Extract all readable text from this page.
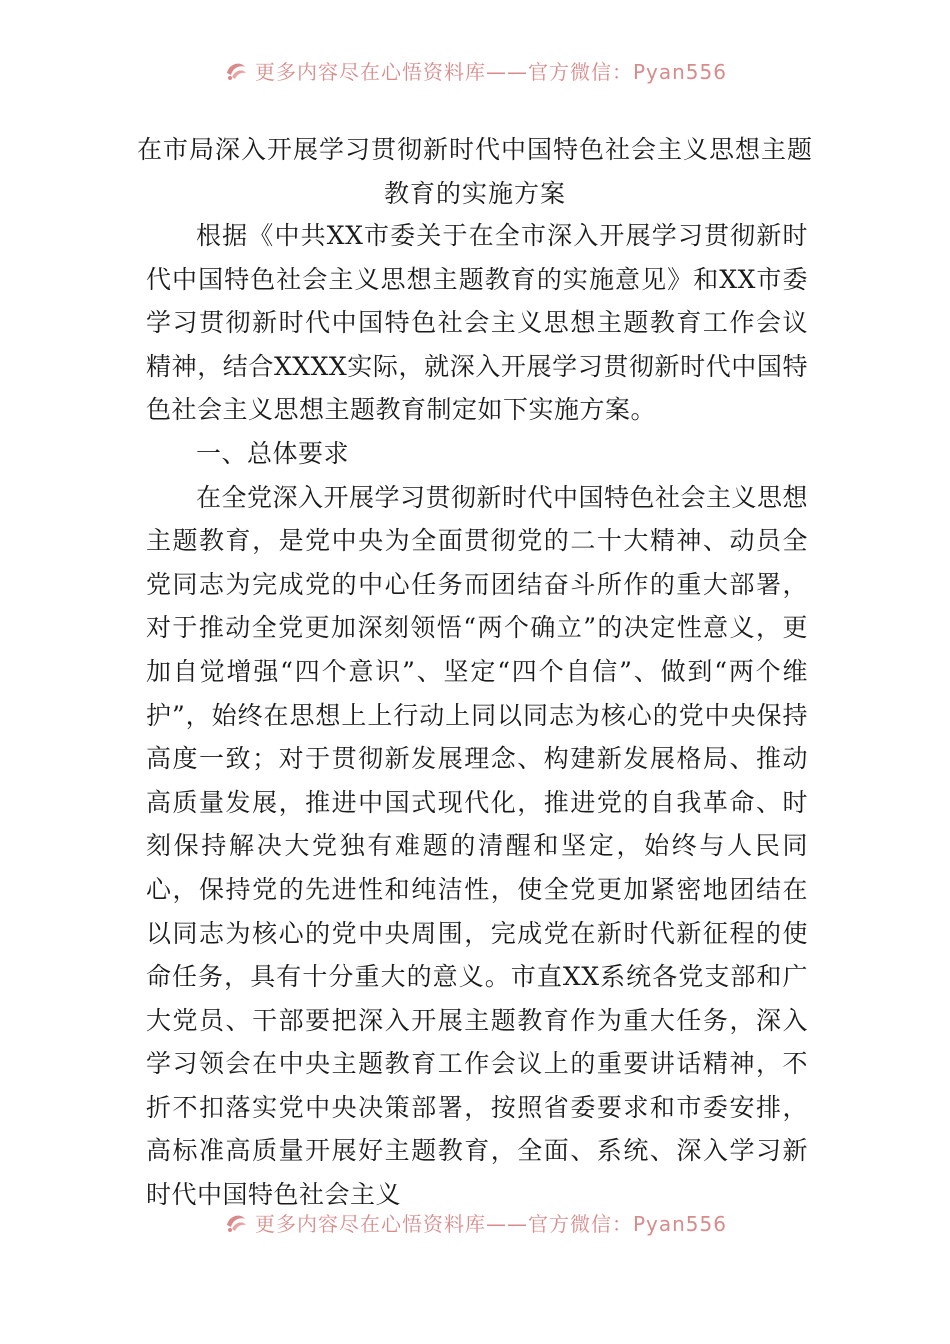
更多内容尽在心悟资料库——官方微信：Pyan556
在市局深入开展学习贯彻新时代中国特色社会主义思想主题教育的实施方案

根据《中共XX市委关于在全市深入开展学习贯彻新时代中国特色社会主义思想主题教育的实施意见》和XX市委学习贯彻新时代中国特色社会主义思想主题教育工作会议精神，结合XXXX实际，就深入开展学习贯彻新时代中国特色社会主义思想主题教育制定如下实施方案。

一、总体要求

在全党深入开展学习贯彻新时代中国特色社会主义思想主题教育，是党中央为全面贯彻党的二十大精神、动员全党同志为完成党的中心任务而团结奋斗所作的重大部署，对于推动全党更加深刻领悟“两个确立”的决定性意义，更加自觉增强“四个意识”、坚定“四个自信”、做到“两个维护”，始终在思想上上行动上同以同志为核心的党中央保持高度一致；对于贯彻新发展理念、构建新发展格局、推动高质量发展，推进中国式现代化，推进党的自我革命、时刻保持解决大党独有难题的清醒和坚定，始终与人民同心，保持党的先进性和纯洁性，使全党更加紧密地团结在以同志为核心的党中央周围，完成党在新时代新征程的使命任务，具有十分重大的意义。市直XX系统各党支部和广大党员、干部要把深入开展主题教育作为重大任务，深入学习领会在中央主题教育工作会议上的重要讲话精神，不折不扣落实党中央决策部署，按照省委要求和市委安排，高标准高质量开展好主题教育，全面、系统、深入学习新时代中国特色社会主义

更多内容尽在心悟资料库——官方微信：Pyan556
